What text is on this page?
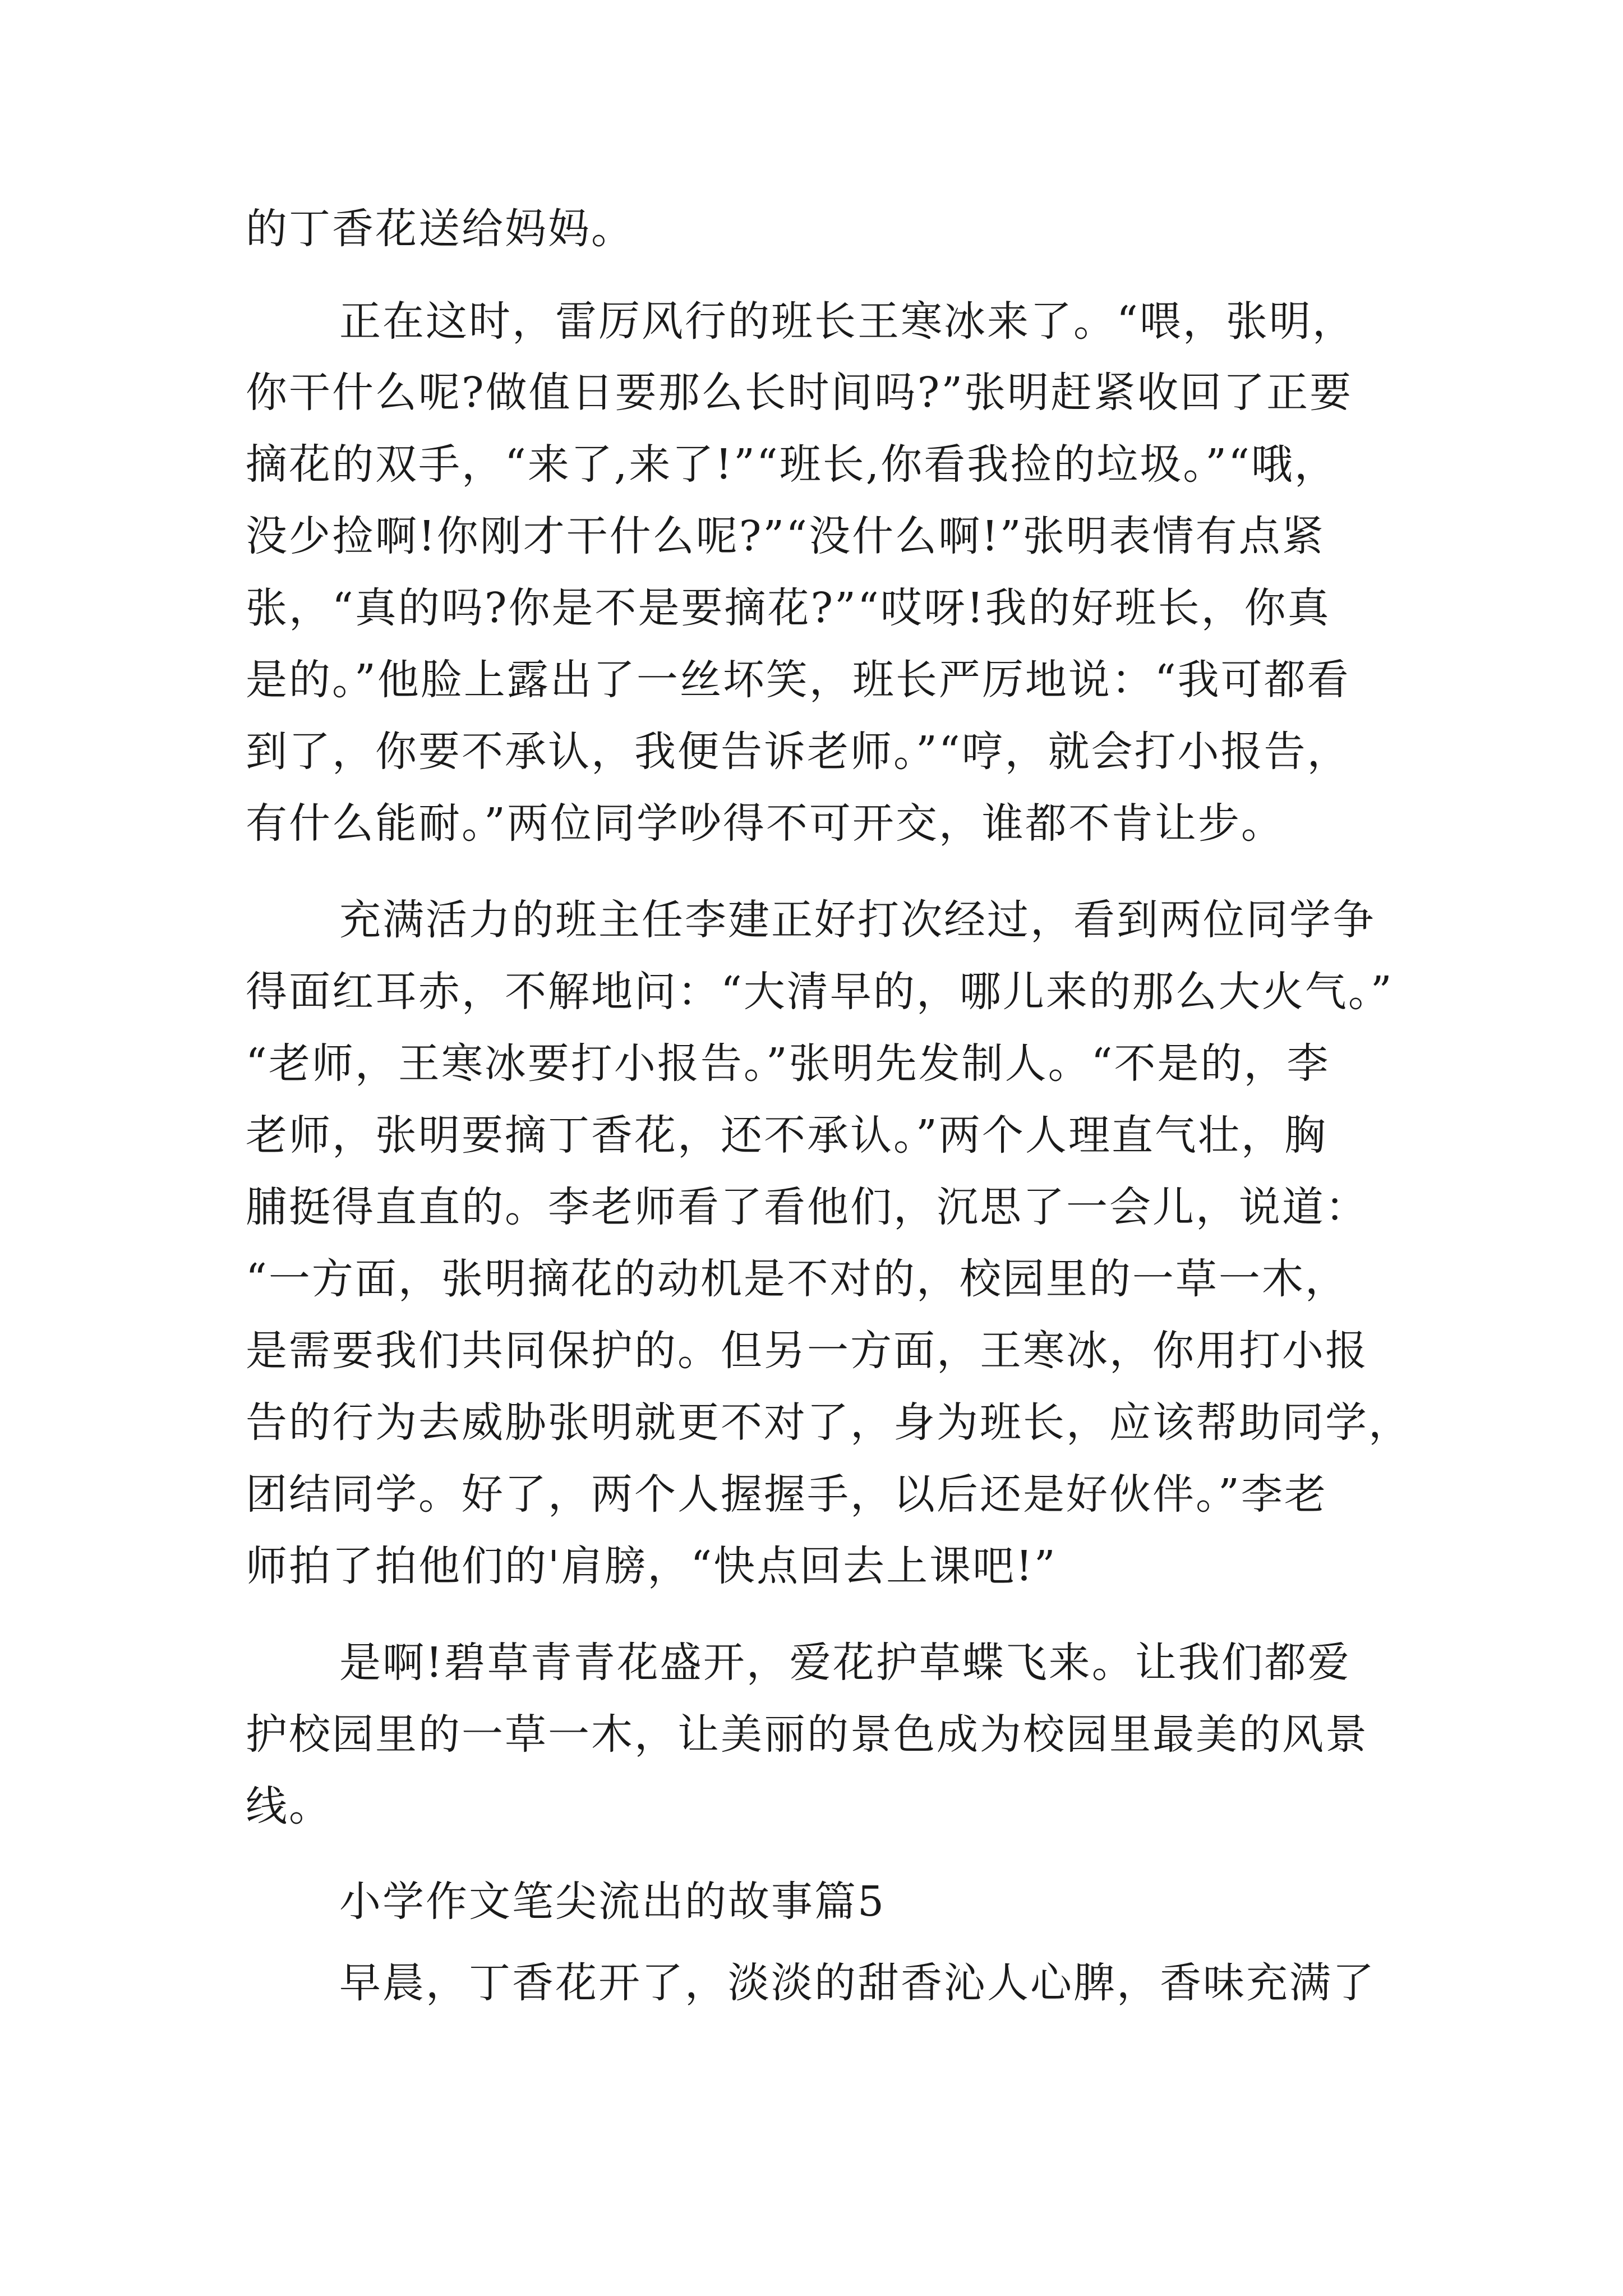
的丁香花送给妈妈。
正在这时，雷厉风行的班长王寒冰来了。“喂，张明，
你干什么呢?做值日要那么长时间吗?”张明赶紧收回了正要
摘花的双手，“来了,来了!”“班长,你看我捡的垃圾。”“哦，
没少捡啊!你刚才干什么呢?”“没什么啊!”张明表情有点紧
张，“真的吗?你是不是要摘花?”“哎呀!我的好班长，你真
是的。”他脸上露出了一丝坏笑，班长严厉地说：“我可都看
到了，你要不承认，我便告诉老师。”“哼，就会打小报告，
有什么能耐。”两位同学吵得不可开交，谁都不肯让步。
充满活力的班主任李建正好打次经过，看到两位同学争
得面红耳赤，不解地问：“大清早的，哪儿来的那么大火气。”
“老师，王寒冰要打小报告。”张明先发制人。“不是的，李
老师，张明要摘丁香花，还不承认。”两个人理直气壮，胸
脯挺得直直的。李老师看了看他们，沉思了一会儿，说道：
“一方面，张明摘花的动机是不对的，校园里的一草一木，
是需要我们共同保护的。但另一方面，王寒冰，你用打小报
告的行为去威胁张明就更不对了，身为班长，应该帮助同学，
团结同学。好了，两个人握握手，以后还是好伙伴。”李老
师拍了拍他们的'肩膀，“快点回去上课吧!”
是啊!碧草青青花盛开，爱花护草蝶飞来。让我们都爱
护校园里的一草一木，让美丽的景色成为校园里最美的风景
线。
小学作文笔尖流出的故事篇5
早晨，丁香花开了，淡淡的甜香沁人心脾，香味充满了
